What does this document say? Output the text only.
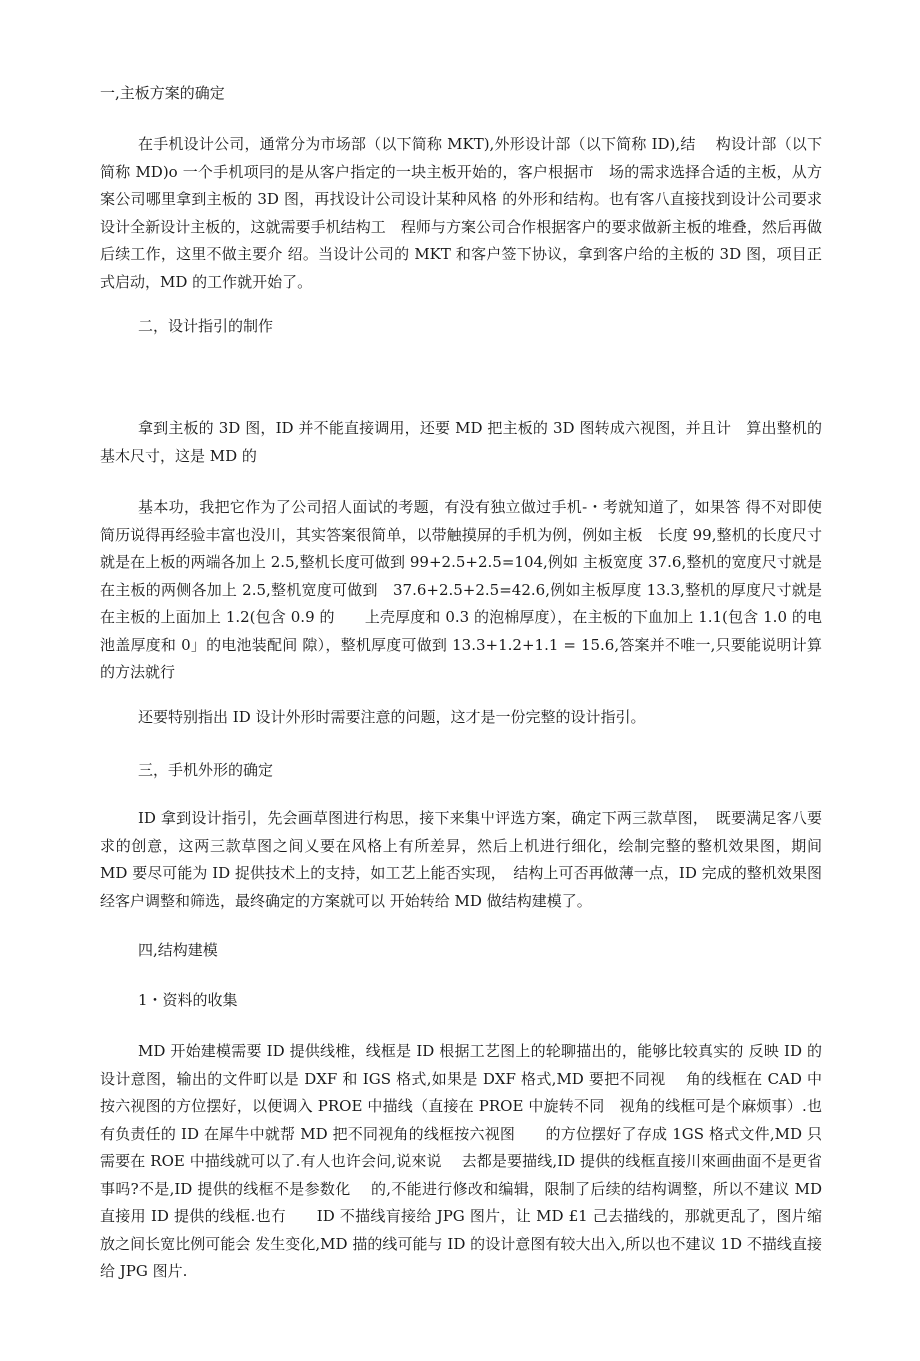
一,主板方案的确定

在手机设计公司，通常分为市场部（以下简称 MKT),外形设计部（以下简称 ID),结　 构设计部（以下简称 MD)o 一个手机项冃的是从客户指定的一块主板开始的，客户根据市　场的需求选择合适的主板，从方案公司哪里拿到主板的 3D 图，再找设计公司设计某种风格 的外形和结构。也有客八直接找到设计公司要求设计全新设计主板的，这就需要手机结构工　程师与方案公司合作根据客户的要求做新主板的堆叠，然后再做后续工作，这里不做主要介 绍。当设计公司的 MKT 和客户签下协议，拿到客户给的主板的 3D 图，项目正式启动，MD 的工作就开始了。

二，设计指引的制作

拿到主板的 3D 图，ID 并不能直接调用，还要 MD 把主板的 3D 图转成六视图，并且计　算出整机的基木尺寸，这是 MD 的

基本功，我把它作为了公司招人面试的考题，有没有独立做过手机-・考就知道了，如果答 得不对即使简历说得再经验丰富也没川，其实答案很简单，以带触摸屏的手机为例，例如主板　长度 99,整机的长度尺寸就是在上板的两端各加上 2.5,整机长度可做到 99+2.5+2.5=104,例如 主板宽度 37.6,整机的宽度尺寸就是在主板的两侧各加上 2.5,整机宽度可做到　37.6+2.5+2.5=42.6,例如主板厚度 13.3,整机的厚度尺寸就是在主板的上面加上 1.2(包含 0.9 的　　上壳厚度和 0.3 的泡棉厚度），在主板的下血加上 1.1(包含 1.0 的电池盖厚度和 0」的电池装配间 隙），整机厚度可做到 13.3+1.2+1.1 = 15.6,答案并不唯一,只要能说明计算的方法就行

还要特别指出 ID 设计外形时需要注意的问题，这才是一份完整的设计指引。

三，手机外形的确定

ID 拿到设计指引，先会画草图进行构思，接下来集屮评选方案，确定下两三款草图，　既要满足客八要求的创意，这两三款草图之间乂要在风格上有所差昇，然后上机进行细化，绘制完整的整机效果图，期间 MD 要尽可能为 ID 捉供技术上的支持，如工艺上能否实现，　结构上可否再做薄一点，ID 完成的整机效果图经客户调整和筛选，最终确定的方案就可以 开始转给 MD 做结构建模了。

四,结构建模

1・资料的收集

MD 开始建模需要 ID 提供线椎，线框是 ID 根据工艺图上的轮聊描出的，能够比较真实的 反映 ID 的设计意图，输出的文件町以是 DXF 和 IGS 格式,如果是 DXF 格式,MD 要把不同视　 角的线框在 CAD 中按六视图的方位摆好，以便调入 PROE 中描线（直接在 PROE 中旋转不同　视角的线框可是个麻烦事）.也有负责任的 ID 在犀牛中就帮 MD 把不同视角的线框按六视图　　的方位摆好了存成 1GS 格式文件,MD 只需要在 ROE 中描线就可以了.有人也许会问,说來说　 去都是要描线,ID 提供的线框直接川來画曲面不是更省事吗?不是,ID 提供的线框不是参数化　 的,不能进行修改和编辑，限制了后续的结构调整，所以不建议 MD 直接用 ID 提供的线框.也冇　　ID 不描线肓接给 JPG 图片，让 MD £1 己去描线的，那就更乱了，图片缩放之间长宽比例可能会 发生变化,MD 描的线可能与 ID 的设计意图有较大出入,所以也不建议 1D 不描线直接给 JPG 图片.
